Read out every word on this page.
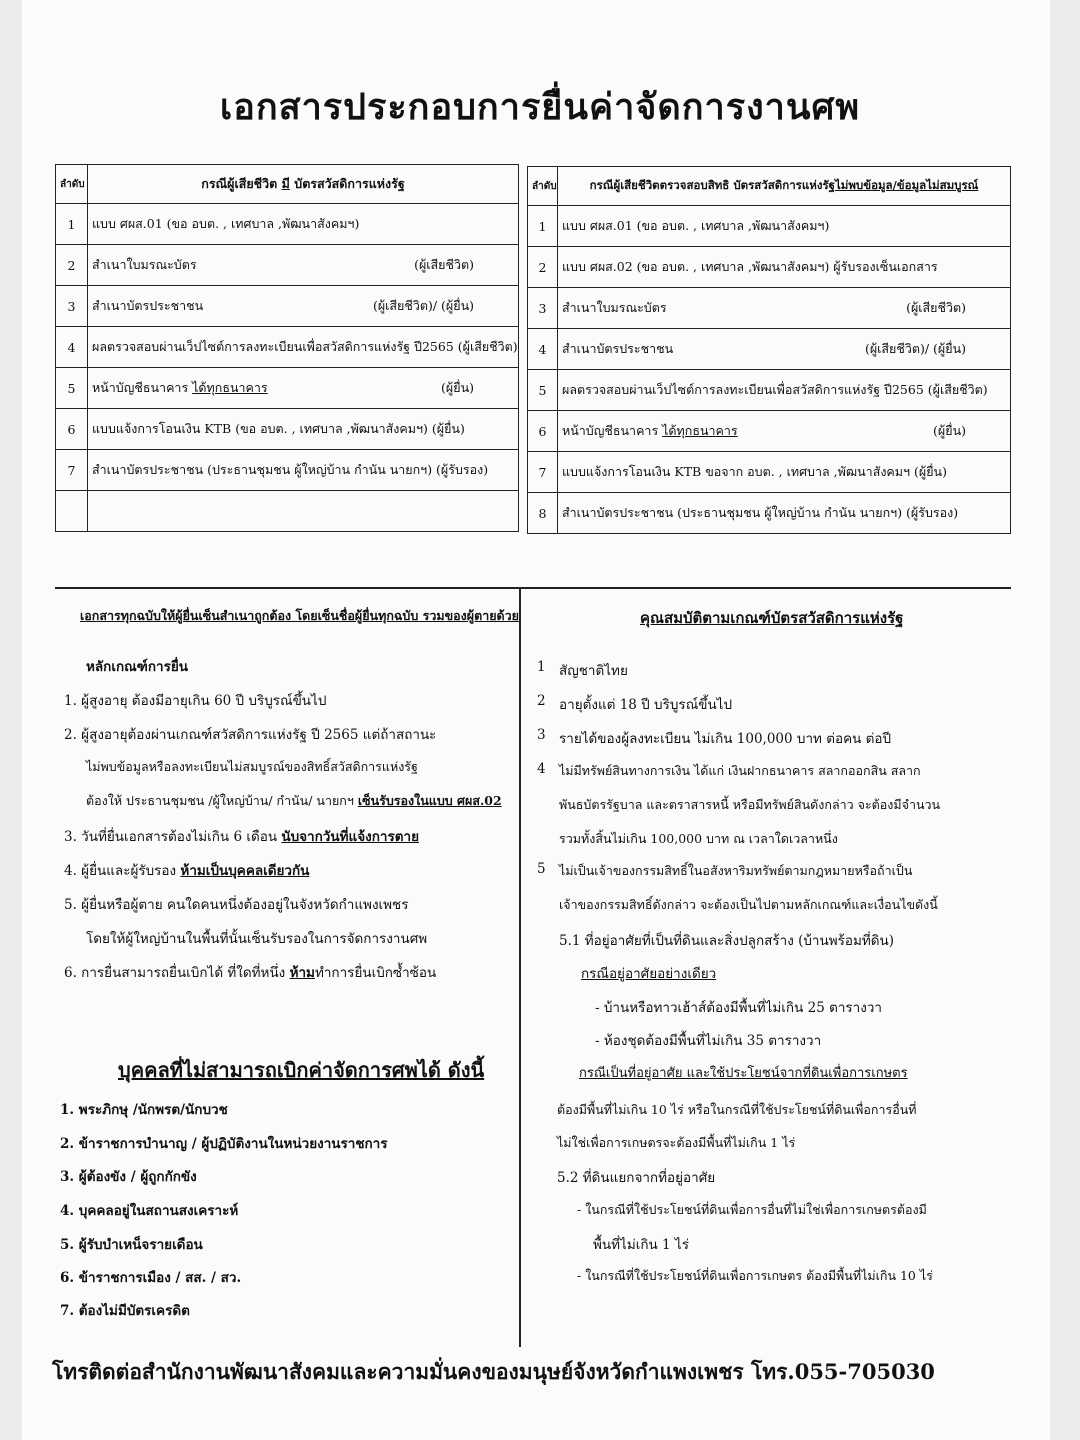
เอกสารประกอบการยื่นค่าจัดการงานศพ
ลำดับ	กรณีผู้เสียชีวิต มี บัตรสวัสดิการแห่งรัฐ
1	แบบ ศผส.01 (ขอ อบต. , เทศบาล ,พัฒนาสังคมฯ)

2	สำเนาใบมรณะบัตร (ผู้เสียชีวิต)

3	สำเนาบัตรประชาชน (ผู้เสียชีวิต)/ (ผู้ยื่น)

4	ผลตรวจสอบผ่านเว็ปไซต์การลงทะเบียนเพื่อสวัสดิการแห่งรัฐ ปี2565 (ผู้เสียชีวิต)

5	หน้าบัญชีธนาคาร ได้ทุกธนาคาร (ผู้ยื่น)

6	แบบแจ้งการโอนเงิน KTB (ขอ อบต. , เทศบาล ,พัฒนาสังคมฯ) (ผู้ยื่น)

7	สำเนาบัตรประชาชน (ประธานชุมชน ผู้ใหญ่บ้าน กำนัน นายกฯ) (ผู้รับรอง)

ลำดับ	กรณีผู้เสียชีวิตตรวจสอบสิทธิ บัตรสวัสดิการแห่งรัฐไม่พบข้อมูล/ข้อมูลไม่สมบูรณ์
1	แบบ ศผส.01 (ขอ อบต. , เทศบาล ,พัฒนาสังคมฯ)

2	แบบ ศผส.02 (ขอ อบต. , เทศบาล ,พัฒนาสังคมฯ) ผู้รับรองเซ็นเอกสาร

3	สำเนาใบมรณะบัตร (ผู้เสียชีวิต)

4	สำเนาบัตรประชาชน (ผู้เสียชีวิต)/ (ผู้ยื่น)

5	ผลตรวจสอบผ่านเว็ปไซต์การลงทะเบียนเพื่อสวัสดิการแห่งรัฐ ปี2565 (ผู้เสียชีวิต)

6	หน้าบัญชีธนาคาร ได้ทุกธนาคาร (ผู้ยื่น)

7	แบบแจ้งการโอนเงิน KTB ขอจาก อบต. , เทศบาล ,พัฒนาสังคมฯ (ผู้ยื่น)

8	สำเนาบัตรประชาชน (ประธานชุมชน ผู้ใหญ่บ้าน กำนัน นายกฯ) (ผู้รับรอง)
เอกสารทุกฉบับให้ผู้ยื่นเซ็นสำเนาถูกต้อง โดยเซ็นชื่อผู้ยื่นทุกฉบับ รวมของผู้ตายด้วย
หลักเกณฑ์การยื่น
1. ผู้สูงอายุ ต้องมีอายุเกิน 60 ปี บริบูรณ์ขึ้นไป
2. ผู้สูงอายุต้องผ่านเกณฑ์สวัสดิการแห่งรัฐ ปี 2565 แต่ถ้าสถานะ
ไม่พบข้อมูลหรือลงทะเบียนไม่สมบูรณ์ของสิทธิ์สวัสดิการแห่งรัฐ
ต้องให้ ประธานชุมชน /ผู้ใหญ่บ้าน/ กำนัน/ นายกฯ เซ็นรับรองในแบบ ศผส.02
3. วันที่ยื่นเอกสารต้องไม่เกิน 6 เดือน นับจากวันที่แจ้งการตาย
4. ผู้ยื่นและผู้รับรอง ห้ามเป็นบุคคลเดียวกัน
5. ผู้ยื่นหรือผู้ตาย คนใดคนหนึ่งต้องอยู่ในจังหวัดกำแพงเพชร
โดยให้ผู้ใหญ่บ้านในพื้นที่นั้นเซ็นรับรองในการจัดการงานศพ
6. การยื่นสามารถยื่นเบิกได้ ที่ใดที่หนึ่ง ห้ามทำการยื่นเบิกซ้ำซ้อน
บุคคลที่ไม่สามารถเบิกค่าจัดการศพได้ ดังนี้
1. พระภิกษุ /นักพรต/นักบวช
2. ข้าราชการบำนาญ / ผู้ปฏิบัติงานในหน่วยงานราชการ
3. ผู้ต้องขัง / ผู้ถูกกักขัง
4. บุคคลอยู่ในสถานสงเคราะห์
5. ผู้รับบำเหน็จรายเดือน
6. ข้าราชการเมือง / สส. / สว.
7. ต้องไม่มีบัตรเครดิต
คุณสมบัติตามเกณฑ์บัตรสวัสดิการแห่งรัฐ
1 สัญชาติไทย
2 อายุตั้งแต่ 18 ปี บริบูรณ์ขึ้นไป
3 รายได้ของผู้ลงทะเบียน ไม่เกิน 100,000 บาท ต่อคน ต่อปี
4 ไม่มีทรัพย์สินทางการเงิน ได้แก่ เงินฝากธนาคาร สลากออกสิน สลาก
พันธบัตรรัฐบาล และตราสารหนี้ หรือมีทรัพย์สินดังกล่าว จะต้องมีจำนวน
รวมทั้งสิ้นไม่เกิน 100,000 บาท ณ เวลาใดเวลาหนึ่ง
5 ไม่เป็นเจ้าของกรรมสิทธิ์ในอสังหาริมทรัพย์ตามกฎหมายหรือถ้าเป็น
เจ้าของกรรมสิทธิ์ดังกล่าว จะต้องเป็นไปตามหลักเกณฑ์และเงื่อนไขดังนี้
5.1 ที่อยู่อาศัยที่เป็นที่ดินและสิ่งปลูกสร้าง (บ้านพร้อมที่ดิน)
กรณีอยู่อาศัยอย่างเดียว
- บ้านหรือทาวเฮ้าส์ต้องมีพื้นที่ไม่เกิน 25 ตารางวา
- ห้องชุดต้องมีพื้นที่ไม่เกิน 35 ตารางวา
กรณีเป็นที่อยู่อาศัย และใช้ประโยชน์จากที่ดินเพื่อการเกษตร
ต้องมีพื้นที่ไม่เกิน 10 ไร่ หรือในกรณีที่ใช้ประโยชน์ที่ดินเพื่อการอื่นที่
ไม่ใช่เพื่อการเกษตรจะต้องมีพื้นที่ไม่เกิน 1 ไร่
5.2 ที่ดินแยกจากที่อยู่อาศัย
- ในกรณีที่ใช้ประโยชน์ที่ดินเพื่อการอื่นที่ไม่ใช่เพื่อการเกษตรต้องมี
พื้นที่ไม่เกิน 1 ไร่
- ในกรณีที่ใช้ประโยชน์ที่ดินเพื่อการเกษตร ต้องมีพื้นที่ไม่เกิน 10 ไร่
โทรติดต่อสำนักงานพัฒนาสังคมและความมั่นคงของมนุษย์จังหวัดกำแพงเพชร โทร.055-705030
